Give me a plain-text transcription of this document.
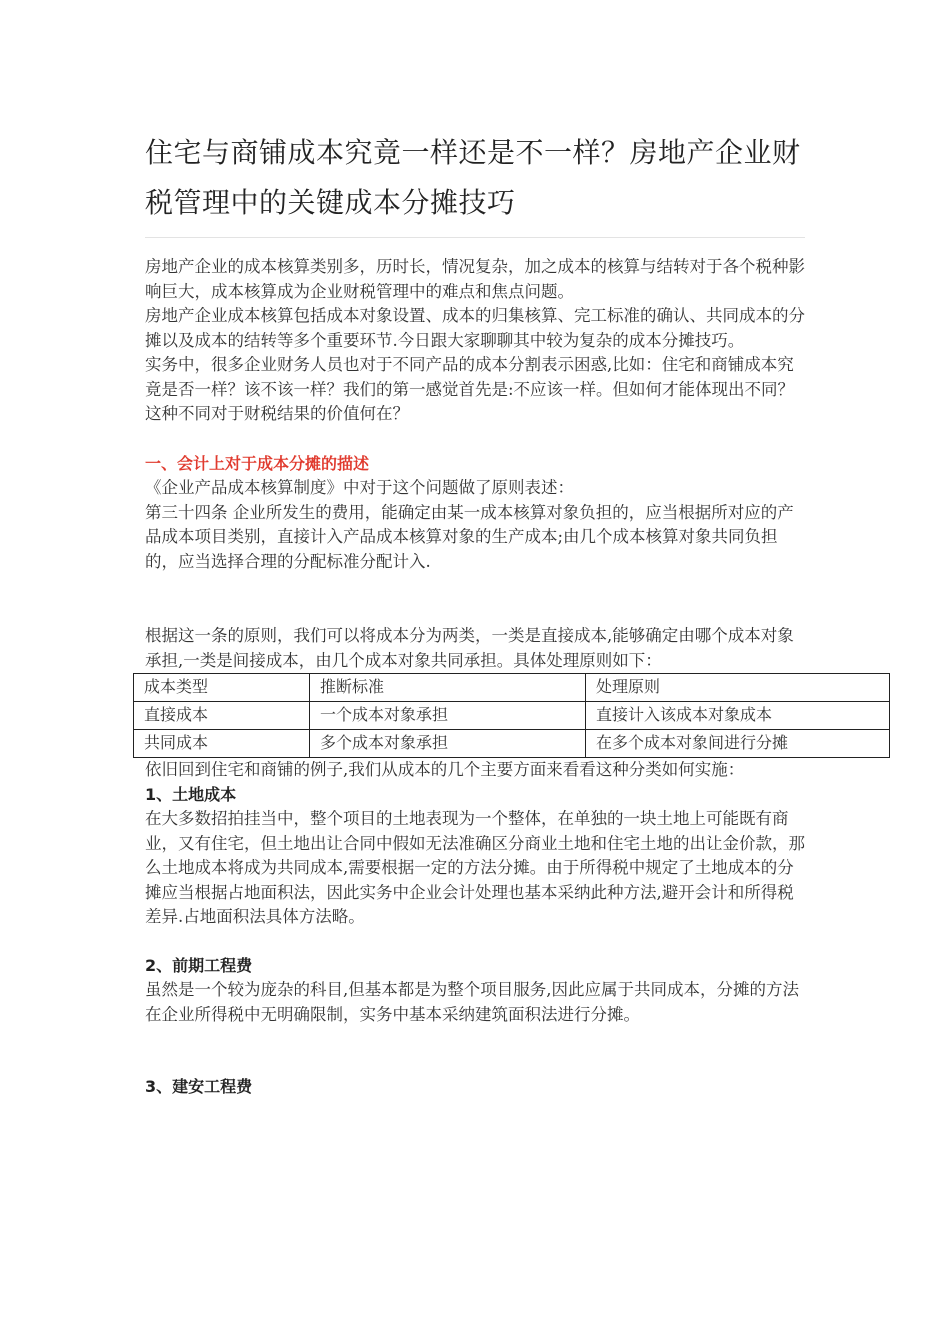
住宅与商铺成本究竟一样还是不一样？房地产企业财税管理中的关键成本分摊技巧

房地产企业的成本核算类别多，历时长，情况复杂，加之成本的核算与结转对于各个税种影响巨大，成本核算成为企业财税管理中的难点和焦点问题。

房地产企业成本核算包括成本对象设置、成本的归集核算、完工标准的确认、共同成本的分摊以及成本的结转等多个重要环节.今日跟大家聊聊其中较为复杂的成本分摊技巧。

实务中，很多企业财务人员也对于不同产品的成本分割表示困惑,比如：住宅和商铺成本究竟是否一样？该不该一样？我们的第一感觉首先是:不应该一样。但如何才能体现出不同？这种不同对于财税结果的价值何在？

一、会计上对于成本分摊的描述

《企业产品成本核算制度》中对于这个问题做了原则表述：

第三十四条 企业所发生的费用，能确定由某一成本核算对象负担的，应当根据所对应的产品成本项目类别，直接计入产品成本核算对象的生产成本;由几个成本核算对象共同负担的，应当选择合理的分配标准分配计入.

根据这一条的原则，我们可以将成本分为两类，一类是直接成本,能够确定由哪个成本对象承担,一类是间接成本，由几个成本对象共同承担。具体处理原则如下：

成本类型	推断标准	处理原则
直接成本	一个成本对象承担	直接计入该成本对象成本
共同成本	多个成本对象承担	在多个成本对象间进行分摊

依旧回到住宅和商铺的例子,我们从成本的几个主要方面来看看这种分类如何实施：

1、土地成本

在大多数招拍挂当中，整个项目的土地表现为一个整体，在单独的一块土地上可能既有商业，又有住宅，但土地出让合同中假如无法准确区分商业土地和住宅土地的出让金价款，那么土地成本将成为共同成本,需要根据一定的方法分摊。由于所得税中规定了土地成本的分摊应当根据占地面积法，因此实务中企业会计处理也基本采纳此种方法,避开会计和所得税差异.占地面积法具体方法略。

2、前期工程费

虽然是一个较为庞杂的科目,但基本都是为整个项目服务,因此应属于共同成本，分摊的方法在企业所得税中无明确限制，实务中基本采纳建筑面积法进行分摊。

3、建安工程费
